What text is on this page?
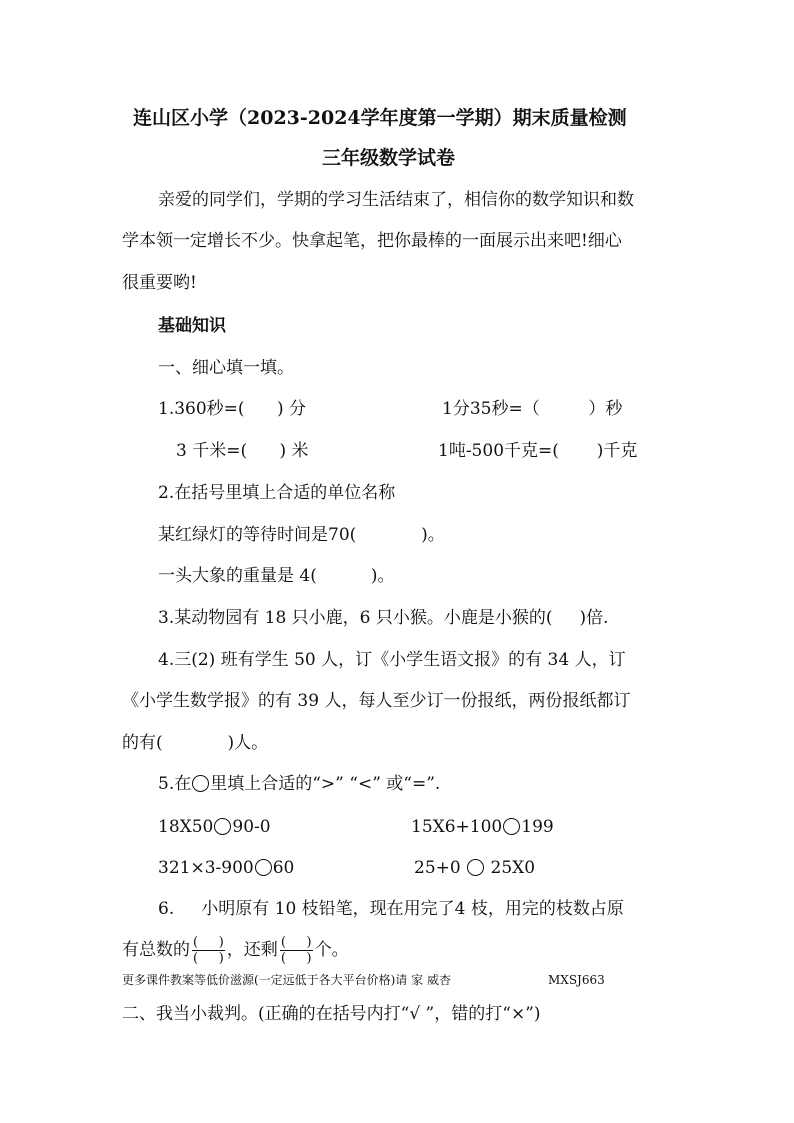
连山区小学（2023-2024学年度第一学期）期末质量检测
三年级数学试卷
亲爱的同学们，学期的学习生活结束了，相信你的数学知识和数
学本领一定增长不少。快拿起笔，把你最棒的一面展示出来吧!细心
很重要哟!
基础知识
一、细心填一填。
1.360秒=(      ) 分	1分35秒=（         ）秒
3 千米=(      ) 米	1吨-500千克=(       )千克
2.在括号里填上合适的单位名称
某红绿灯的等待时间是70(            )。
一头大象的重量是 4(          )。
3.某动物园有 18 只小鹿，6 只小猴。小鹿是小猴的(     )倍.
4.三(2) 班有学生 50 人，订《小学生语文报》的有 34 人，订
《小学生数学报》的有 39 人，每人至少订一份报纸，两份报纸都订
的有(            )人。
5.在 里填上合适的“>” “<” 或“=”.
18X50 90-0	15X6+100 199
321×3-900 60	25+0  25X0
6.     小明原有 10 枝铅笔，现在用完了4 枝，用完的枝数占原
有总数的 $\frac{( )}{( )}$ ，还剩 $\frac{( )}{( )}$ 个。
更多课件教案等低价滋源(一定远低于各大平台价格)请 家 威杏	MXSJ663
二、我当小裁判。(正确的在括号内打“√ ”，错的打“×”)
